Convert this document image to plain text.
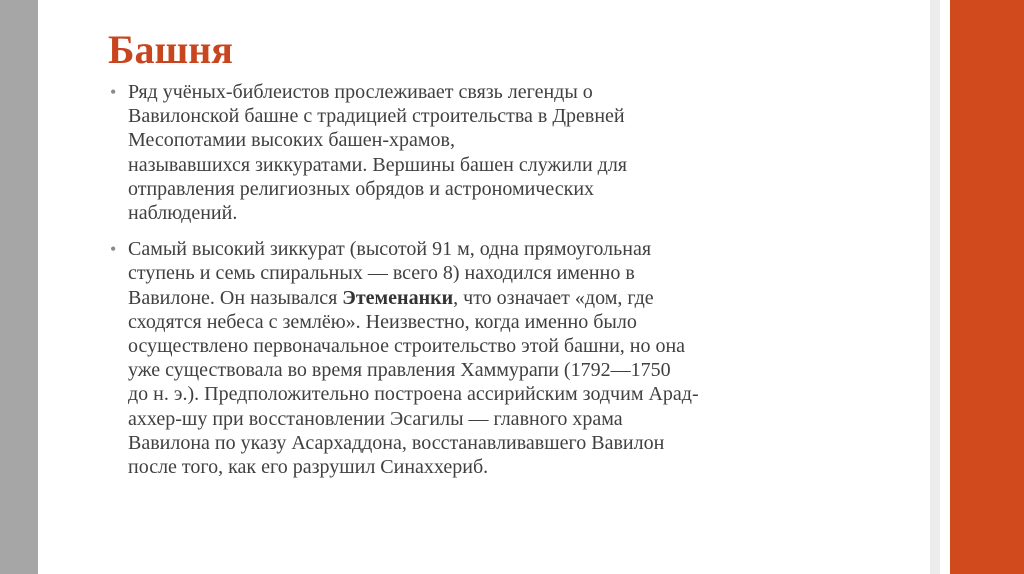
Башня
• Ряд учёных-библеистов прослеживает связь легенды о
Вавилонской башне с традицией строительства в Древней
Месопотамии высоких башен-храмов,
называвшихся зиккуратами. Вершины башен служили для
отправления религиозных обрядов и астрономических
наблюдений.
• Самый высокий зиккурат (высотой 91 м, одна прямоугольная
ступень и семь спиральных — всего 8) находился именно в
Вавилоне. Он назывался Этеменанки, что означает «дом, где
сходятся небеса с землёю». Неизвестно, когда именно было
осуществлено первоначальное строительство этой башни, но она
уже существовала во время правления Хаммурапи (1792—1750
до н. э.). Предположительно построена ассирийским зодчим Арад-
аххер-шу при восстановлении Эсагилы — главного храма
Вавилона по указу Асархаддона, восстанавливавшего Вавилон
после того, как его разрушил Синаххериб.
